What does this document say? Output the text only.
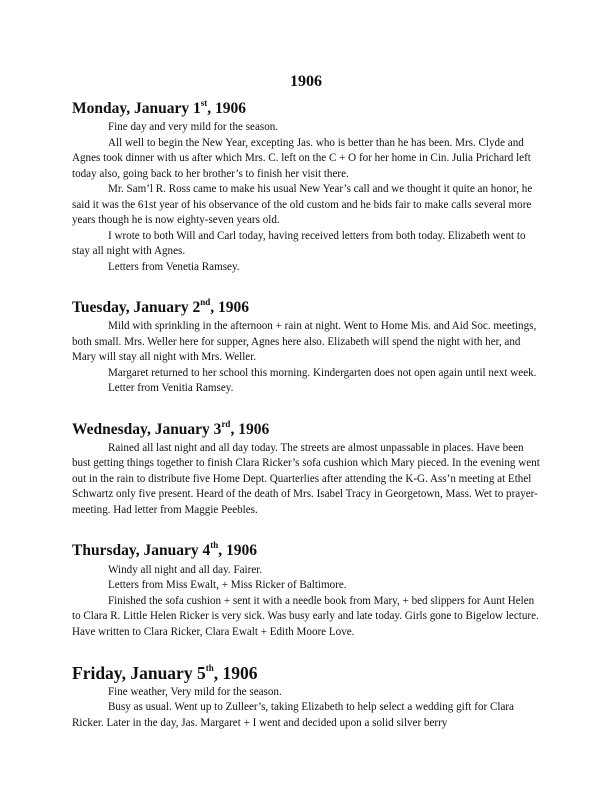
1906
Monday, January 1st, 1906

Fine day and very mild for the season.

All well to begin the New Year, excepting Jas. who is better than he has been. Mrs. Clyde and Agnes took dinner with us after which Mrs. C. left on the C + O for her home in Cin. Julia Prichard left today also, going back to her brother’s to finish her visit there.

Mr. Sam’l R. Ross came to make his usual New Year’s call and we thought it quite an honor, he said it was the 61st year of his observance of the old custom and he bids fair to make calls several more years though he is now eighty-seven years old.

I wrote to both Will and Carl today, having received letters from both today. Elizabeth went to stay all night with Agnes.

Letters from Venetia Ramsey.

Tuesday, January 2nd, 1906

Mild with sprinkling in the afternoon + rain at night. Went to Home Mis. and Aid Soc. meetings, both small. Mrs. Weller here for supper, Agnes here also. Elizabeth will spend the night with her, and Mary will stay all night with Mrs. Weller.

Margaret returned to her school this morning. Kindergarten does not open again until next week.

Letter from Venitia Ramsey.

Wednesday, January 3rd, 1906

Rained all last night and all day today. The streets are almost unpassable in places. Have been bust getting things together to finish Clara Ricker’s sofa cushion which Mary pieced. In the evening went out in the rain to distribute five Home Dept. Quarterlies after attending the K-G. Ass’n meeting at Ethel Schwartz only five present. Heard of the death of Mrs. Isabel Tracy in Georgetown, Mass. Wet to prayer-meeting. Had letter from Maggie Peebles.

Thursday, January 4th, 1906

Windy all night and all day. Fairer.

Letters from Miss Ewalt, + Miss Ricker of Baltimore.

Finished the sofa cushion + sent it with a needle book from Mary, + bed slippers for Aunt Helen to Clara R. Little Helen Ricker is very sick. Was busy early and late today. Girls gone to Bigelow lecture. Have written to Clara Ricker, Clara Ewalt + Edith Moore Love.

Friday, January 5th, 1906

Fine weather, Very mild for the season.

Busy as usual. Went up to Zulleer’s, taking Elizabeth to help select a wedding gift for Clara Ricker. Later in the day, Jas. Margaret + I went and decided upon a solid silver berry
